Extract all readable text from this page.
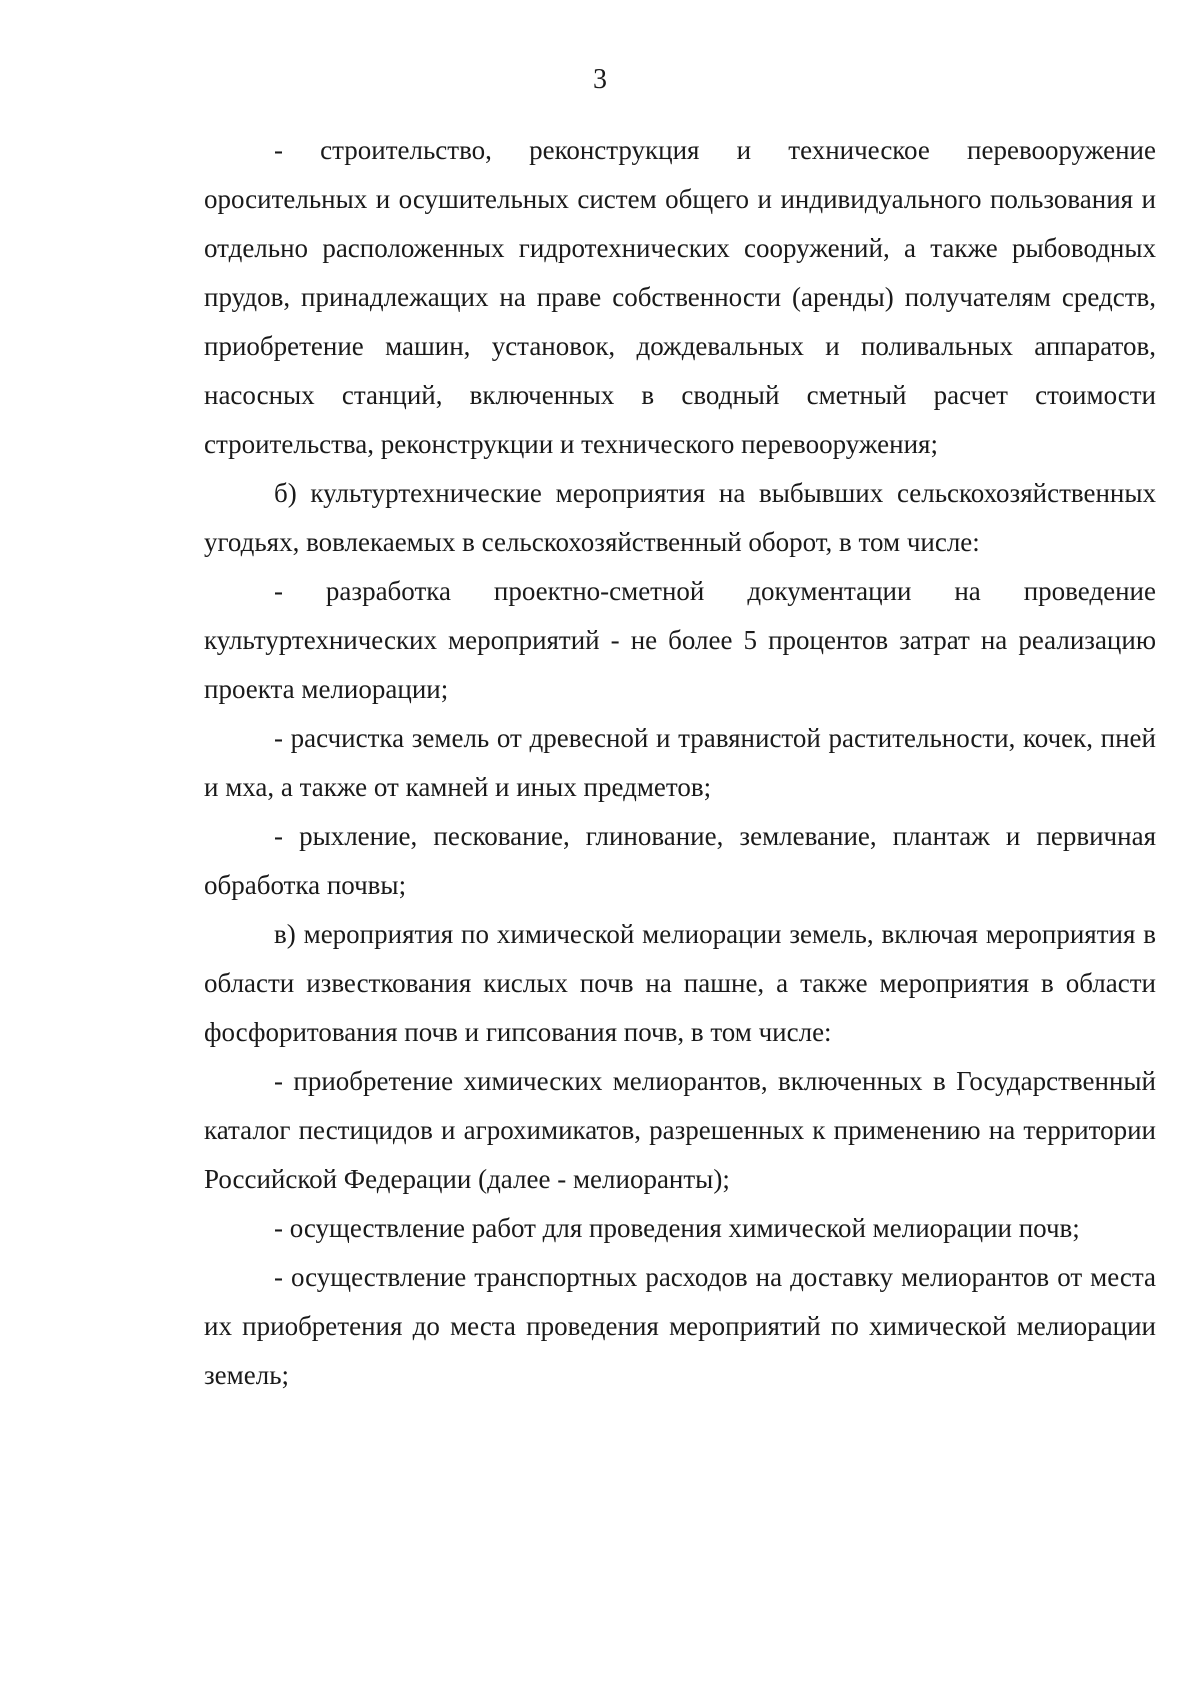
3

- строительство, реконструкция и техническое перевооружение оросительных и осушительных систем общего и индивидуального пользования и отдельно расположенных гидротехнических сооружений, а также рыбоводных прудов, принадлежащих на праве собственности (аренды) получателям средств, приобретение машин, установок, дождевальных и поливальных аппаратов, насосных станций, включенных в сводный сметный расчет стоимости строительства, реконструкции и технического перевооружения;

б) культуртехнические мероприятия на выбывших сельскохозяйственных угодьях, вовлекаемых в сельскохозяйственный оборот, в том числе:

- разработка проектно-сметной документации на проведение культуртехнических мероприятий - не более 5 процентов затрат на реализацию проекта мелиорации;

- расчистка земель от древесной и травянистой растительности, кочек, пней и мха, а также от камней и иных предметов;

- рыхление, пескование, глинование, землевание, плантаж и первичная обработка почвы;

в) мероприятия по химической мелиорации земель, включая мероприятия в области известкования кислых почв на пашне, а также мероприятия в области фосфоритования почв и гипсования почв, в том числе:

- приобретение химических мелиорантов, включенных в Государственный каталог пестицидов и агрохимикатов, разрешенных к применению на территории Российской Федерации (далее - мелиоранты);

- осуществление работ для проведения химической мелиорации почв;

- осуществление транспортных расходов на доставку мелиорантов от места их приобретения до места проведения мероприятий по химической мелиорации земель;
